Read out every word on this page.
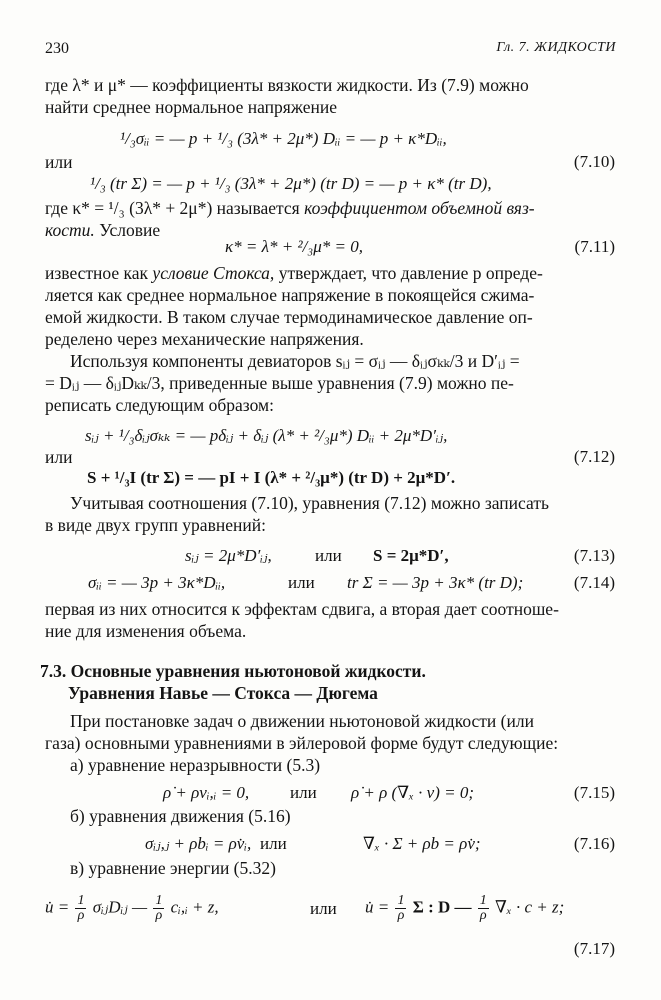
230	Гл. 7. ЖИДКОСТИ
где λ* и μ* — коэффициенты вязкости жидкости. Из (7.9) можно
найти среднее нормальное напряжение
¹/₃σᵢᵢ = — p + ¹/₃ (3λ* + 2μ*) Dᵢᵢ = — p + κ*Dᵢᵢ,
или	(7.10)
¹/₃ (tr Σ) = — p + ¹/₃ (3λ* + 2μ*) (tr D) = — p + κ* (tr D),
где κ* = ¹/₃ (3λ* + 2μ*) называется коэффициентом объемной вяз-
кости. Условие
κ* = λ* + ²/₃μ* = 0,	(7.11)
известное как условие Стокса, утверждает, что давление p опреде-
ляется как среднее нормальное напряжение в покоящейся сжима-
емой жидкости. В таком случае термодинамическое давление оп-
ределено через механические напряжения.
Используя компоненты девиаторов sᵢⱼ = σᵢⱼ — δᵢⱼσₖₖ/3 и D′ᵢⱼ =
= Dᵢⱼ — δᵢⱼDₖₖ/3, приведенные выше уравнения (7.9) можно пе-
реписать следующим образом:
sᵢⱼ + ¹/₃δᵢⱼσₖₖ = — pδᵢⱼ + δᵢⱼ (λ* + ²/₃μ*) Dᵢᵢ + 2μ*D′ᵢⱼ,
или	(7.12)
S + ¹/₃I (tr Σ) = — pI + I (λ* + ²/₃μ*) (tr D) + 2μ*D′.
Учитывая соотношения (7.10), уравнения (7.12) можно записать
в виде двух групп уравнений:
sᵢⱼ = 2μ*D′ᵢⱼ,	или S = 2μ*D′,	(7.13)
σᵢᵢ = — 3p + 3κ*Dᵢᵢ,	или tr Σ = — 3p + 3κ* (tr D);	(7.14)
первая из них относится к эффектам сдвига, а вторая дает соотноше-
ние для изменения объема.
7.3. Основные уравнения ньютоновой жидкости.
Уравнения Навье — Стокса — Дюгема
При постановке задач о движении ньютоновой жидкости (или
газа) основными уравнениями в эйлеровой форме будут следующие:
а) уравнение неразрывности (5.3)
ρ̇ + ρvᵢ,ᵢ = 0, или ρ̇ + ρ (∇ₓ · v) = 0;	(7.15)
б) уравнения движения (5.16)
σᵢⱼ,ⱼ + ρbᵢ = ρv̇ᵢ, или	∇ₓ · Σ + ρb = ρv̇;	(7.16)
в) уравнение энергии (5.32)
u̇ = $\frac{1}{\rho}$ σᵢⱼDᵢⱼ — $\frac{1}{\rho}$ cᵢ,ᵢ + z,	или u̇ = $\frac{1}{\rho}$ Σ : D — $\frac{1}{\rho} \nabla_x \cdot c + z$;
(7.17)
